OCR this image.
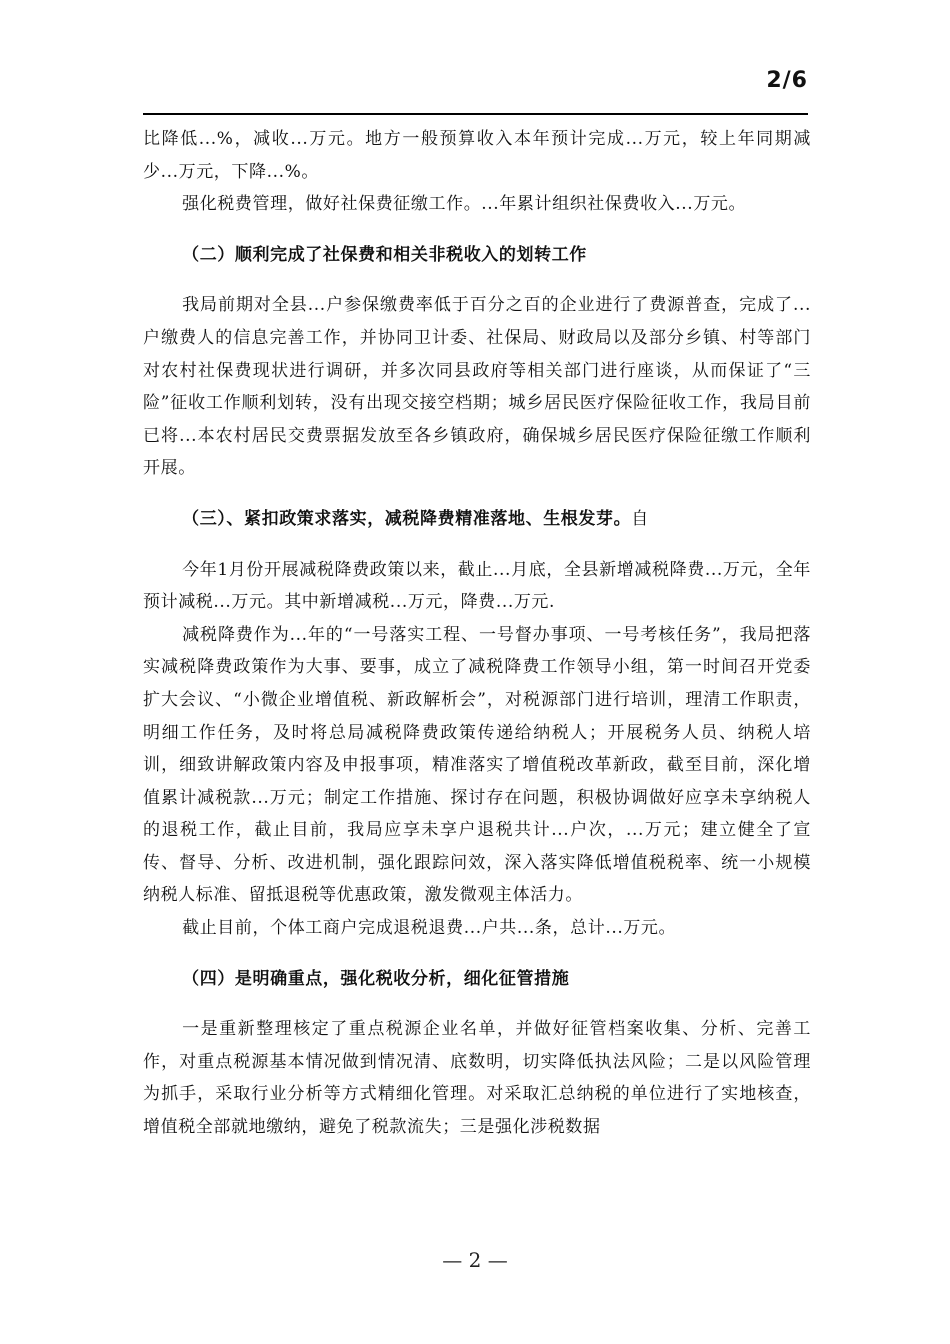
2/6

比降低...%，减收...万元。地方一般预算收入本年预计完成...万元，较上年同期减少...万元，下降...%。

强化税费管理，做好社保费征缴工作。...年累计组织社保费收入...万元。

（二）顺利完成了社保费和相关非税收入的划转工作

我局前期对全县...户参保缴费率低于百分之百的企业进行了费源普查，完成了...户缴费人的信息完善工作，并协同卫计委、社保局、财政局以及部分乡镇、村等部门对农村社保费现状进行调研，并多次同县政府等相关部门进行座谈，从而保证了“三险”征收工作顺利划转，没有出现交接空档期；城乡居民医疗保险征收工作，我局目前已将...本农村居民交费票据发放至各乡镇政府，确保城乡居民医疗保险征缴工作顺利开展。

（三）、紧扣政策求落实，减税降费精准落地、生根发芽。自

今年1月份开展减税降费政策以来，截止...月底，全县新增减税降费...万元，全年预计减税...万元。其中新增减税...万元，降费...万元.

减税降费作为...年的“一号落实工程、一号督办事项、一号考核任务”，我局把落实减税降费政策作为大事、要事，成立了减税降费工作领导小组，第一时间召开党委扩大会议、“小微企业增值税、新政解析会”，对税源部门进行培训，理清工作职责，明细工作任务，及时将总局减税降费政策传递给纳税人；开展税务人员、纳税人培训，细致讲解政策内容及申报事项，精准落实了增值税改革新政，截至目前，深化增值累计减税款...万元；制定工作措施、探讨存在问题，积极协调做好应享未享纳税人的退税工作，截止目前，我局应享未享户退税共计...户次，...万元；建立健全了宣传、督导、分析、改进机制，强化跟踪问效，深入落实降低增值税税率、统一小规模纳税人标准、留抵退税等优惠政策，激发微观主体活力。

截止目前，个体工商户完成退税退费...户共...条，总计...万元。

（四）是明确重点，强化税收分析，细化征管措施

一是重新整理核定了重点税源企业名单，并做好征管档案收集、分析、完善工作，对重点税源基本情况做到情况清、底数明，切实降低执法风险；二是以风险管理为抓手，采取行业分析等方式精细化管理。对采取汇总纳税的单位进行了实地核查，增值税全部就地缴纳，避免了税款流失；三是强化涉税数据

— 2 —
